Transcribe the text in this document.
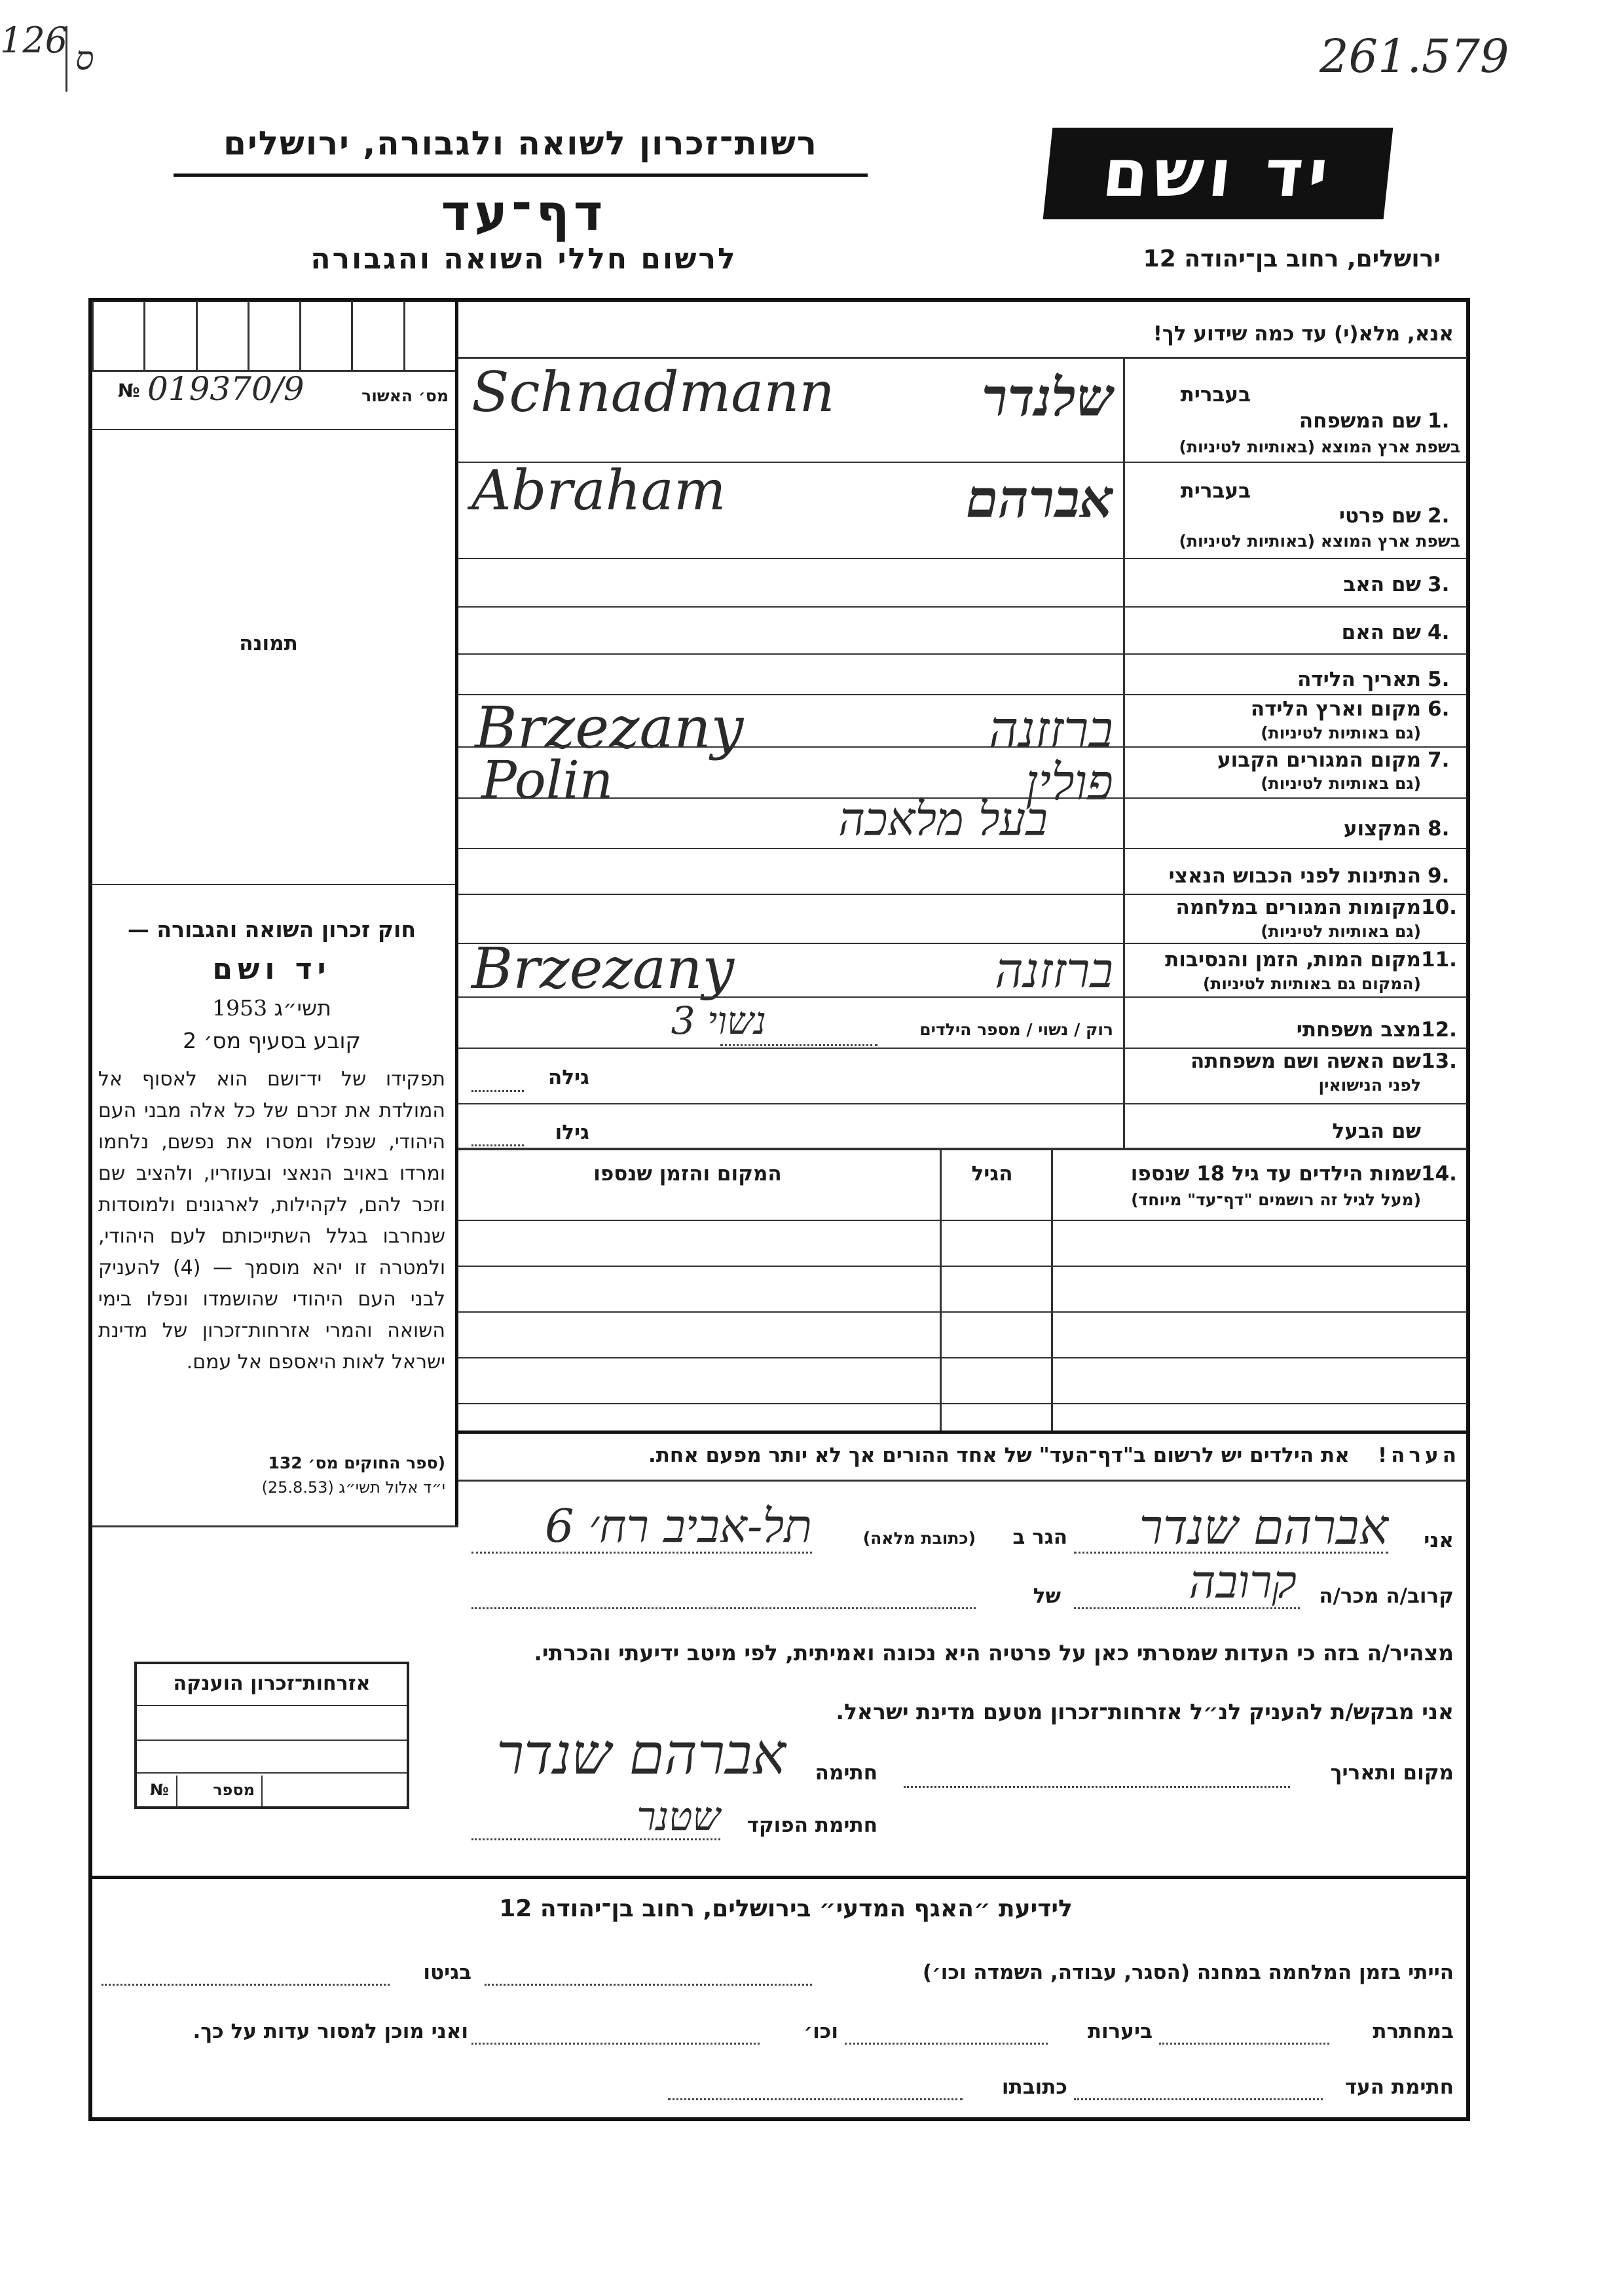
126 ס	261.579
רשות־זכרון לשואה ולגבורה, ירושלים
דף־עד
לרשום חללי השואה והגבורה
יד ושם
ירושלים, רחוב בן־יהודה 12
№ 019370/9	מס׳ האשור
תמונה
אנא, מלא(י) עד כמה שידוע לך!
בעברית
שם המשפחה 1.
בשפת ארץ המוצא (באותיות לטיניות)
Schnadmann	שלנדר
בעברית
שם פרטי 2.
בשפת ארץ המוצא (באותיות לטיניות)
Abraham	אברהם
שם האב 3.
שם האם 4.
תאריך הלידה 5.
מקום וארץ הלידה 6.
(גם באותיות לטיניות)
Brzezany	ברזזנה
מקום המגורים הקבוע 7.
(גם באותיות לטיניות)
Polin	פולין
המקצוע 8.
בעל מלאכה
הנתינות לפני הכבוש הנאצי 9.
מקומות המגורים במלחמה 10.
(גם באותיות לטיניות)
מקום המות, הזמן והנסיבות 11.
(המקום גם באותיות לטיניות)
Brzezany	ברזזנה
מצב משפחתי 12.
רוק / נשוי / מספר הילדים
נשוי 3
שם האשה ושם משפחתה 13.
לפני הנישואין
גילה
שם הבעל
גילו
שמות הילדים עד גיל 18 שנספו 14.
(מעל לגיל זה רושמים "דף־עד" מיוחד)
הגיל
המקום והזמן שנספו
חוק זכרון השואה והגבורה —
יד ושם
תשי״ג 1953
קובע בסעיף מס׳ 2
תפקידו של יד־ושם הוא לאסוף אל המולדת את זכרם של כל אלה מבני העם היהודי, שנפלו ומסרו את נפשם, נלחמו ומרדו באויב הנאצי ובעוזריו, ולהציב שם וזכר להם, לקהילות, לארגונים ולמוסדות שנחרבו בגלל השתייכותם לעם היהודי, ולמטרה זו יהא מוסמך — (4) להעניק לבני העם היהודי שהושמדו ונפלו בימי השואה והמרי אזרחות־זכרון של מדינת ישראל לאות היאספם אל עמם.
(ספר החוקים מס׳ 132
י״ד אלול תשי״ג (25.8.53)
הערה!    את הילדים יש לרשום ב"דף־העד" של אחד ההורים אך לא יותר מפעם אחת.
אני
אברהם שנדר
הגר ב
(כתובת מלאה)
תל-אביב רח׳ 6
קרוב/ה מכר/ה
קרובה
של
מצהיר/ה בזה כי העדות שמסרתי כאן על פרטיה היא נכונה ואמיתית, לפי מיטב ידיעתי והכרתי.
אני מבקש/ת להעניק לנ״ל אזרחות־זכרון מטעם מדינת ישראל.
מקום ותאריך
חתימה
אברהם שנדר
חתימת הפוקד
שטנר
אזרחות־זכרון הוענקה
№	מספר
לידיעת ״האגף המדעי״ בירושלים, רחוב בן־יהודה 12
הייתי בזמן המלחמה במחנה (הסגר, עבודה, השמדה וכו׳)
בגיטו
במחתרת
ביערות
וכו׳
ואני מוכן למסור עדות על כך.
חתימת העד
כתובתו
